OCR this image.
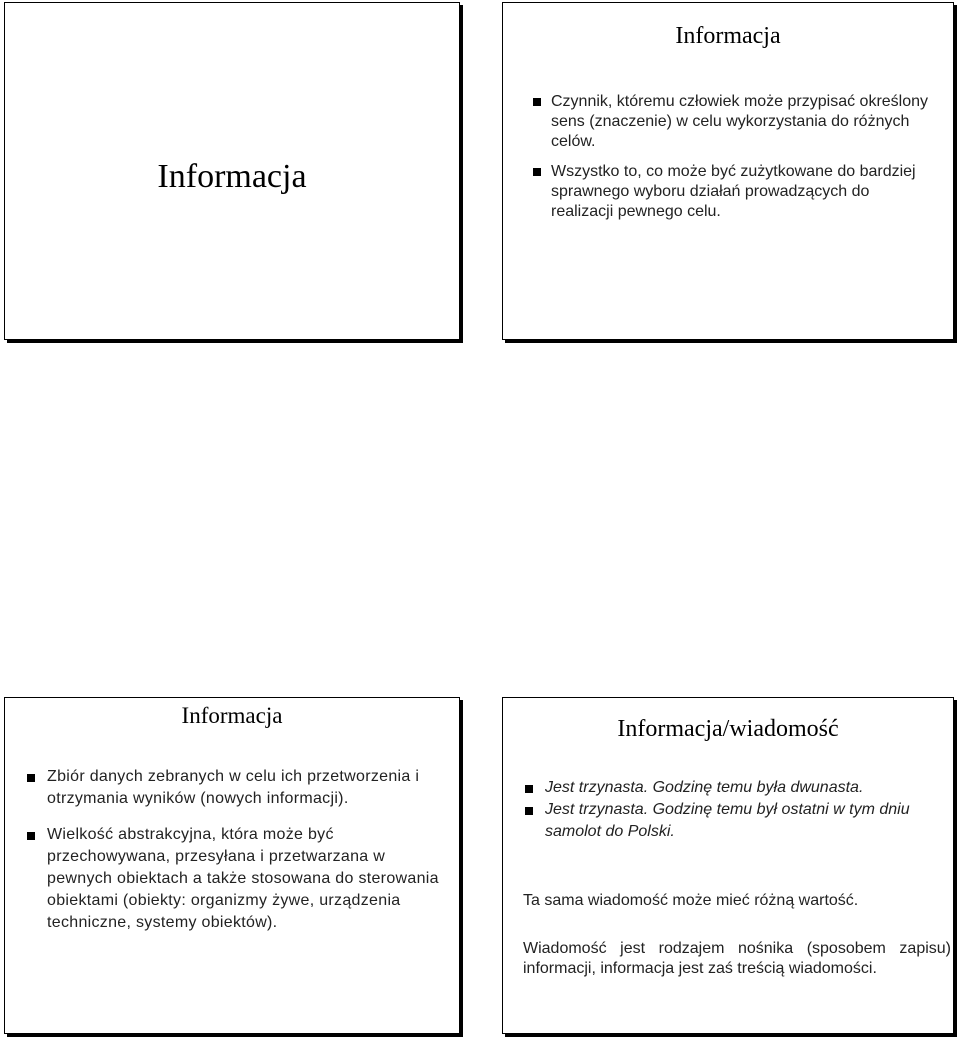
Informacja
Informacja
Czynnik, któremu człowiek może przypisać określony sens (znaczenie) w celu wykorzystania do różnych celów.
Wszystko to, co może być zużytkowane do bardziej sprawnego wyboru działań prowadzących do realizacji pewnego celu.
Informacja
Zbiór danych zebranych w celu ich przetworzenia i otrzymania wyników (nowych informacji).
Wielkość abstrakcyjna, która może być przechowywana, przesyłana i przetwarzana w pewnych obiektach a także stosowana do sterowania obiektami (obiekty: organizmy żywe, urządzenia techniczne, systemy obiektów).
Informacja/wiadomość
Jest trzynasta. Godzinę temu była dwunasta.
Jest trzynasta. Godzinę temu był ostatni w tym dniu samolot do Polski.

Ta sama wiadomość może mieć różną wartość.

Wiadomość jest rodzajem nośnika (sposobem zapisu) informacji, informacja jest zaś treścią wiadomości.
